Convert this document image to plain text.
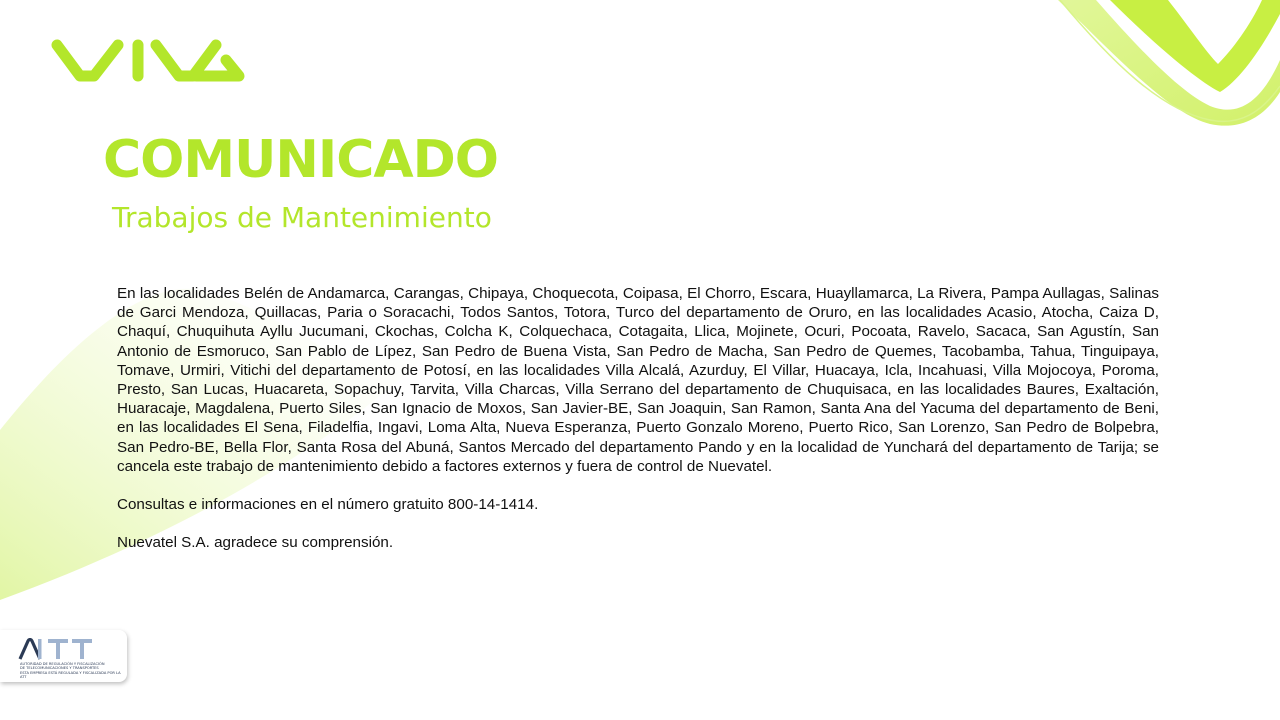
COMUNICADO
Trabajos de Mantenimiento

En las localidades Belén de Andamarca, Carangas, Chipaya, Choquecota, Coipasa, El Chorro, Escara, Huayllamarca, La Rivera, Pampa Aullagas, Salinas de Garci Mendoza, Quillacas, Paria o Soracachi, Todos Santos, Totora, Turco del departamento de Oruro, en las localidades Acasio, Atocha, Caiza D, Chaquí, Chuquihuta Ayllu Jucumani, Ckochas, Colcha K, Colquechaca, Cotagaita, Llica, Mojinete, Ocuri, Pocoata, Ravelo, Sacaca, San Agustín, San Antonio de Esmoruco, San Pablo de Lípez, San Pedro de Buena Vista, San Pedro de Macha, San Pedro de Quemes, Tacobamba, Tahua, Tinguipaya, Tomave, Urmiri, Vitichi del departamento de Potosí, en las localidades Villa Alcalá, Azurduy, El Villar, Huacaya, Icla, Incahuasi, Villa Mojocoya, Poroma, Presto, San Lucas, Huacareta, Sopachuy, Tarvita, Villa Charcas, Villa Serrano del departamento de Chuquisaca, en las localidades Baures, Exaltación, Huaracaje, Magdalena, Puerto Siles, San Ignacio de Moxos, San Javier-BE, San Joaquin, San Ramon, Santa Ana del Yacuma del departamento de Beni, en las localidades El Sena, Filadelfia, Ingavi, Loma Alta, Nueva Esperanza, Puerto Gonzalo Moreno, Puerto Rico, San Lorenzo, San Pedro de Bolpebra, San Pedro-BE, Bella Flor, Santa Rosa del Abuná, Santos Mercado del departamento Pando y en la localidad de Yunchará del departamento de Tarija; se cancela este trabajo de mantenimiento debido a factores externos y fuera de control de Nuevatel.

Consultas e informaciones en el número gratuito 800-14-1414.

Nuevatel S.A. agradece su comprensión.

AUTORIDAD DE REGULACIÓN Y FISCALIZACIÓN
DE TELECOMUNICACIONES Y TRANSPORTES
ESTA EMPRESA ESTÁ REGULADA Y FISCALIZADA POR LA ATT
